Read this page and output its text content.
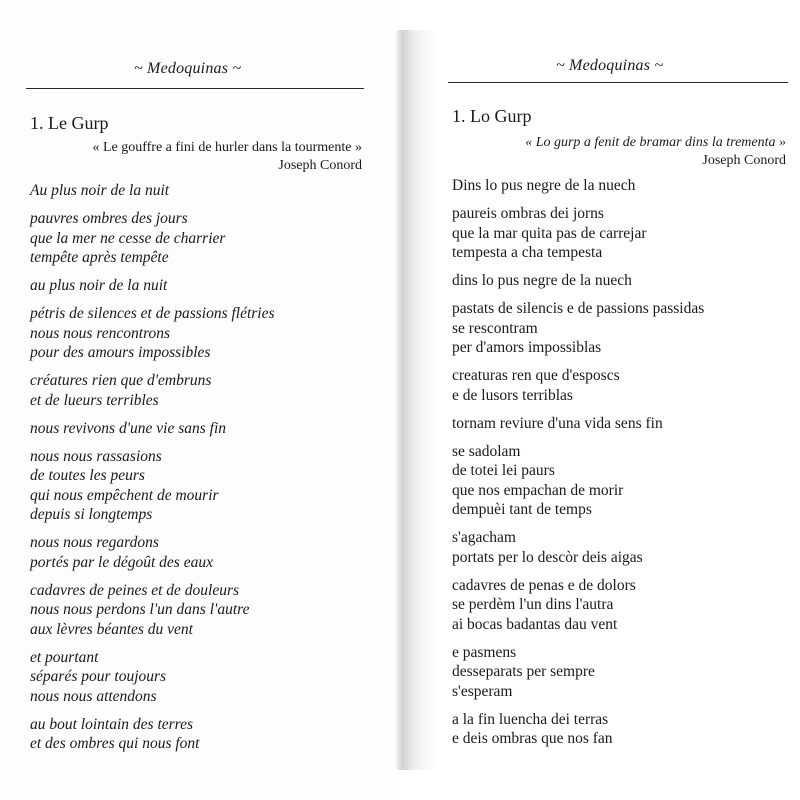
~ Medoquinas ~
1. Le Gurp
« Le gouffre a fini de hurler dans la tourmente »
Joseph Conord
Au plus noir de la nuit
pauvres ombres des jours
que la mer ne cesse de charrier
tempête après tempête
au plus noir de la nuit
pétris de silences et de passions flétries
nous nous rencontrons
pour des amours impossibles
créatures rien que d'embruns
et de lueurs terribles
nous revivons d'une vie sans fin
nous nous rassasions
de toutes les peurs
qui nous empêchent de mourir
depuis si longtemps
nous nous regardons
portés par le dégoût des eaux
cadavres de peines et de douleurs
nous nous perdons l'un dans l'autre
aux lèvres béantes du vent
et pourtant
séparés pour toujours
nous nous attendons
au bout lointain des terres
et des ombres qui nous font
~ Medoquinas ~
1. Lo Gurp
« Lo gurp a fenit de bramar dins la trementa »
Joseph Conord
Dins lo pus negre de la nuech
paureis ombras dei jorns
que la mar quita pas de carrejar
tempesta a cha tempesta
dins lo pus negre de la nuech
pastats de silencis e de passions passidas
se rescontram
per d'amors impossiblas
creaturas ren que d'esposcs
e de lusors terriblas
tornam reviure d'una vida sens fin
se sadolam
de totei lei paurs
que nos empachan de morir
dempuèi tant de temps
s'agacham
portats per lo descòr deis aigas
cadavres de penas e de dolors
se perdèm l'un dins l'autra
ai bocas badantas dau vent
e pasmens
desseparats per sempre
s'esperam
a la fin luencha dei terras
e deis ombras que nos fan
